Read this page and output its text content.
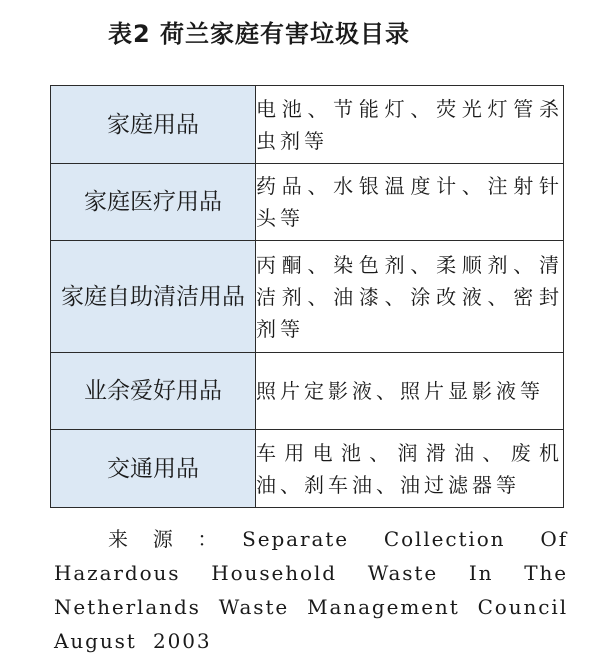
表2 荷兰家庭有害垃圾目录
家庭用品	电池、节能灯、荧光灯管杀虫剂等
家庭医疗用品	药品、水银温度计、注射针头等
家庭自助清洁用品	丙酮、染色剂、柔顺剂、清洁剂、油漆、涂改液、密封剂等
业余爱好用品	照片定影液、照片显影液等
交通用品	车用电池、润滑油、废机油、刹车油、油过滤器等
来源：Separate Collection Of Hazardous Household Waste In The Netherlands Waste Management Council August 2003
